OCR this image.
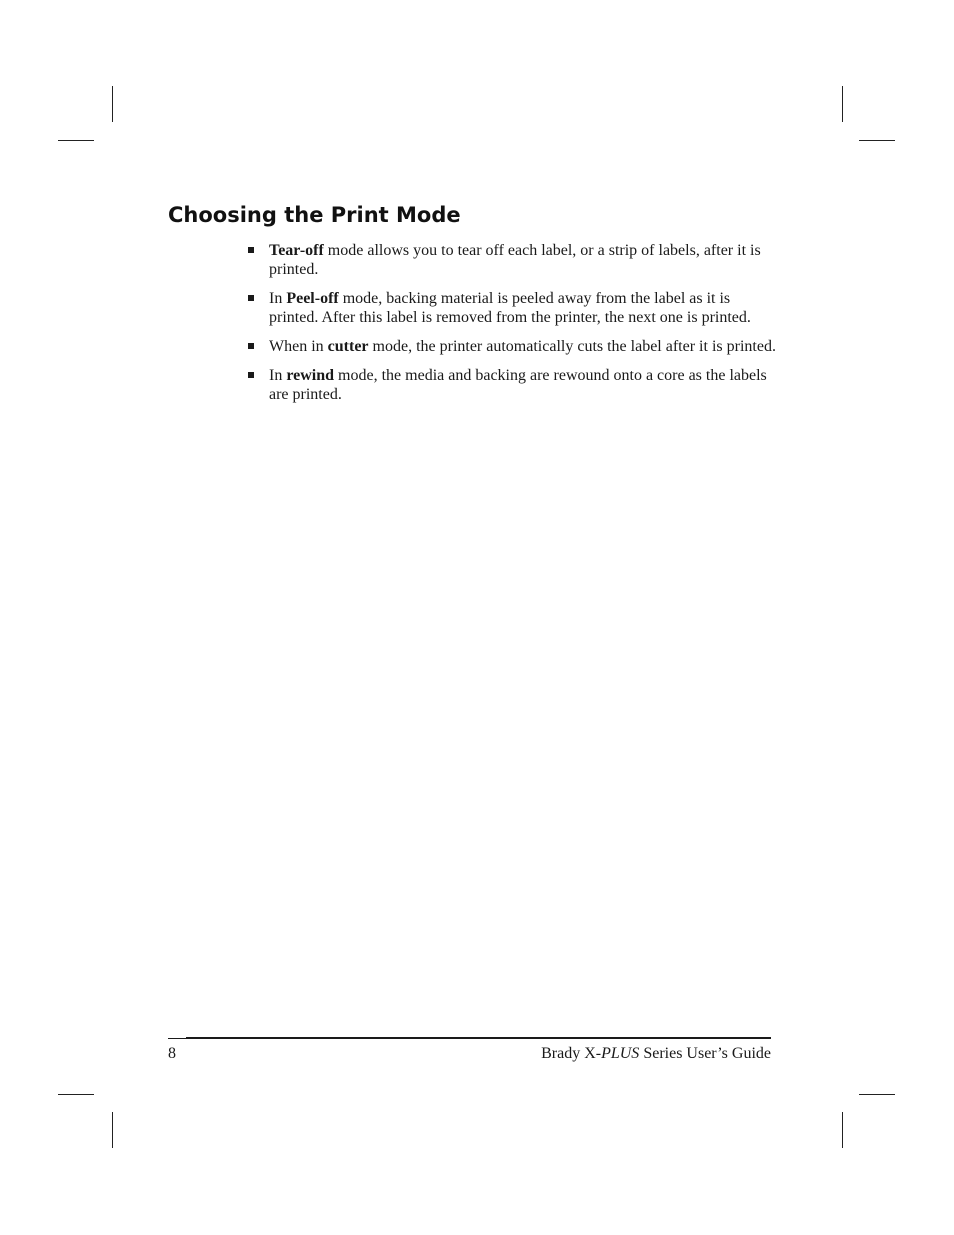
Choosing the Print Mode
Tear-off mode allows you to tear off each label, or a strip of labels, after it is printed.
In Peel-off mode, backing material is peeled away from the label as it is printed. After this label is removed from the printer, the next one is printed.
When in cutter mode, the printer automatically cuts the label after it is printed.
In rewind mode, the media and backing are rewound onto a core as the labels are printed.
8	Brady X-PLUS Series User’s Guide
